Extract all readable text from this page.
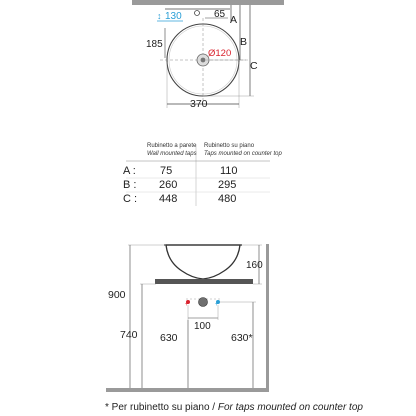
130
↕	65
Ø120
185
A
B
C
370
Rubinetto a parete
Wall mounted taps
Rubinetto su piano
Taps mounted on counter top
A : 75	110
B : 260	295
C : 448	480
160
900
740
+	+
100
630	630*
* Per rubinetto su piano / For taps mounted on counter top
